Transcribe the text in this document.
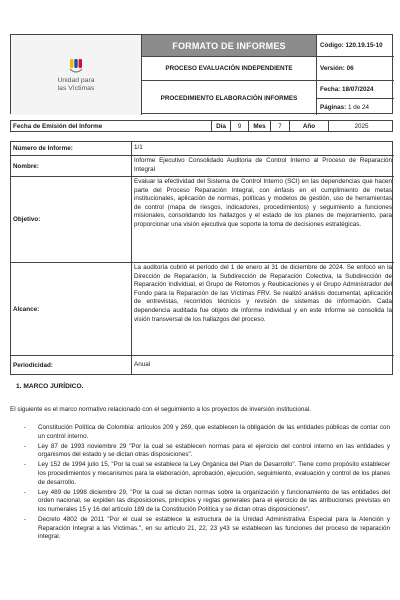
Unidad para
las Víctimas
FORMATO DE INFORMES	Código: 120.19.15-10
PROCESO EVALUACIÓN INDEPENDIENTE	Versión: 06
PROCEDIMIENTO ELABORACIÓN INFORMES
Fecha: 18/07/2024
Páginas:
1 de 24
Fecha de Emisión del Informe	Día	9	Mes	7	Año	2025
Número de Informe:	1/1
Nombre:
Informe Ejecutivo Consolidado Auditoria de Control Interno al Proceso de Reparación Integral
Objetivo:
Evaluar la efectividad del Sistema de Control Interno (SCI) en las dependencias que hacen parte del Proceso Reparación Integral, con énfasis en el cumplimiento de metas institucionales, aplicación de normas, políticas y modelos de gestión, uso de herramientas de control (mapa de riesgos, indicadores, procedimientos) y seguimiento a funciones misionales, consolidando los hallazgos y el estado de los planes de mejoramiento, para proporcionar una visión ejecutiva que soporte la toma de decisiones estratégicas.
Alcance:
La auditoría cubrió el período del 1 de enero al 31 de diciembre de 2024. Se enfocó en la Dirección de Reparación, la Subdirección de Reparación Colectiva, la Subdirección de Reparación Individual, el Grupo de Retornos y Reubicaciones y el Grupo Administrador del Fondo para la Reparación de las Víctimas FRV. Se realizó análisis documental, aplicación de entrevistas, recorridos técnicos y revisión de sistemas de información. Cada dependencia auditada fue objeto de informe individual y en este informe se consolida la visión transversal de los hallazgos del proceso.
Periodicidad:	Anual
1. MARCO JURÍDICO.
El siguiente es el marco normativo relacionado con el seguimiento a los proyectos de inversión institucional.
- Constitución Política de Colombia: artículos 209 y 269, que establecen la obligación de las entidades públicas de contar con un control interno.
- Ley 87 de 1993 noviembre 29 "Por la cual se establecen normas para el ejercicio del control interno en las entidades y organismos del estado y se dictan otras disposiciones".
- Ley 152 de 1994 julio 15, "Por la cual se establece la Ley Orgánica del Plan de Desarrollo". Tiene como propósito establecer los procedimientos y mecanismos para la elaboración, aprobación, ejecución, seguimiento, evaluación y control de los planes de desarrollo.
- Ley 489 de 1998 diciembre 29, "Por la cual se dictan normas sobre la organización y funcionamiento de las entidades del orden nacional, se expiden las disposiciones, principios y reglas generales para el ejercicio de las atribuciones previstas en los numerales 15 y 16 del artículo 189 de la Constitución Política y se dictan otras disposiciones".
- Decreto 4802 de 2011 "Por el cual se establece la estructura de la Unidad Administrativa Especial para la Atención y Reparación Integral a las Víctimas.", en su artículo 21, 22, 23 y43 se establecen las funciones del proceso de reparación integral.
